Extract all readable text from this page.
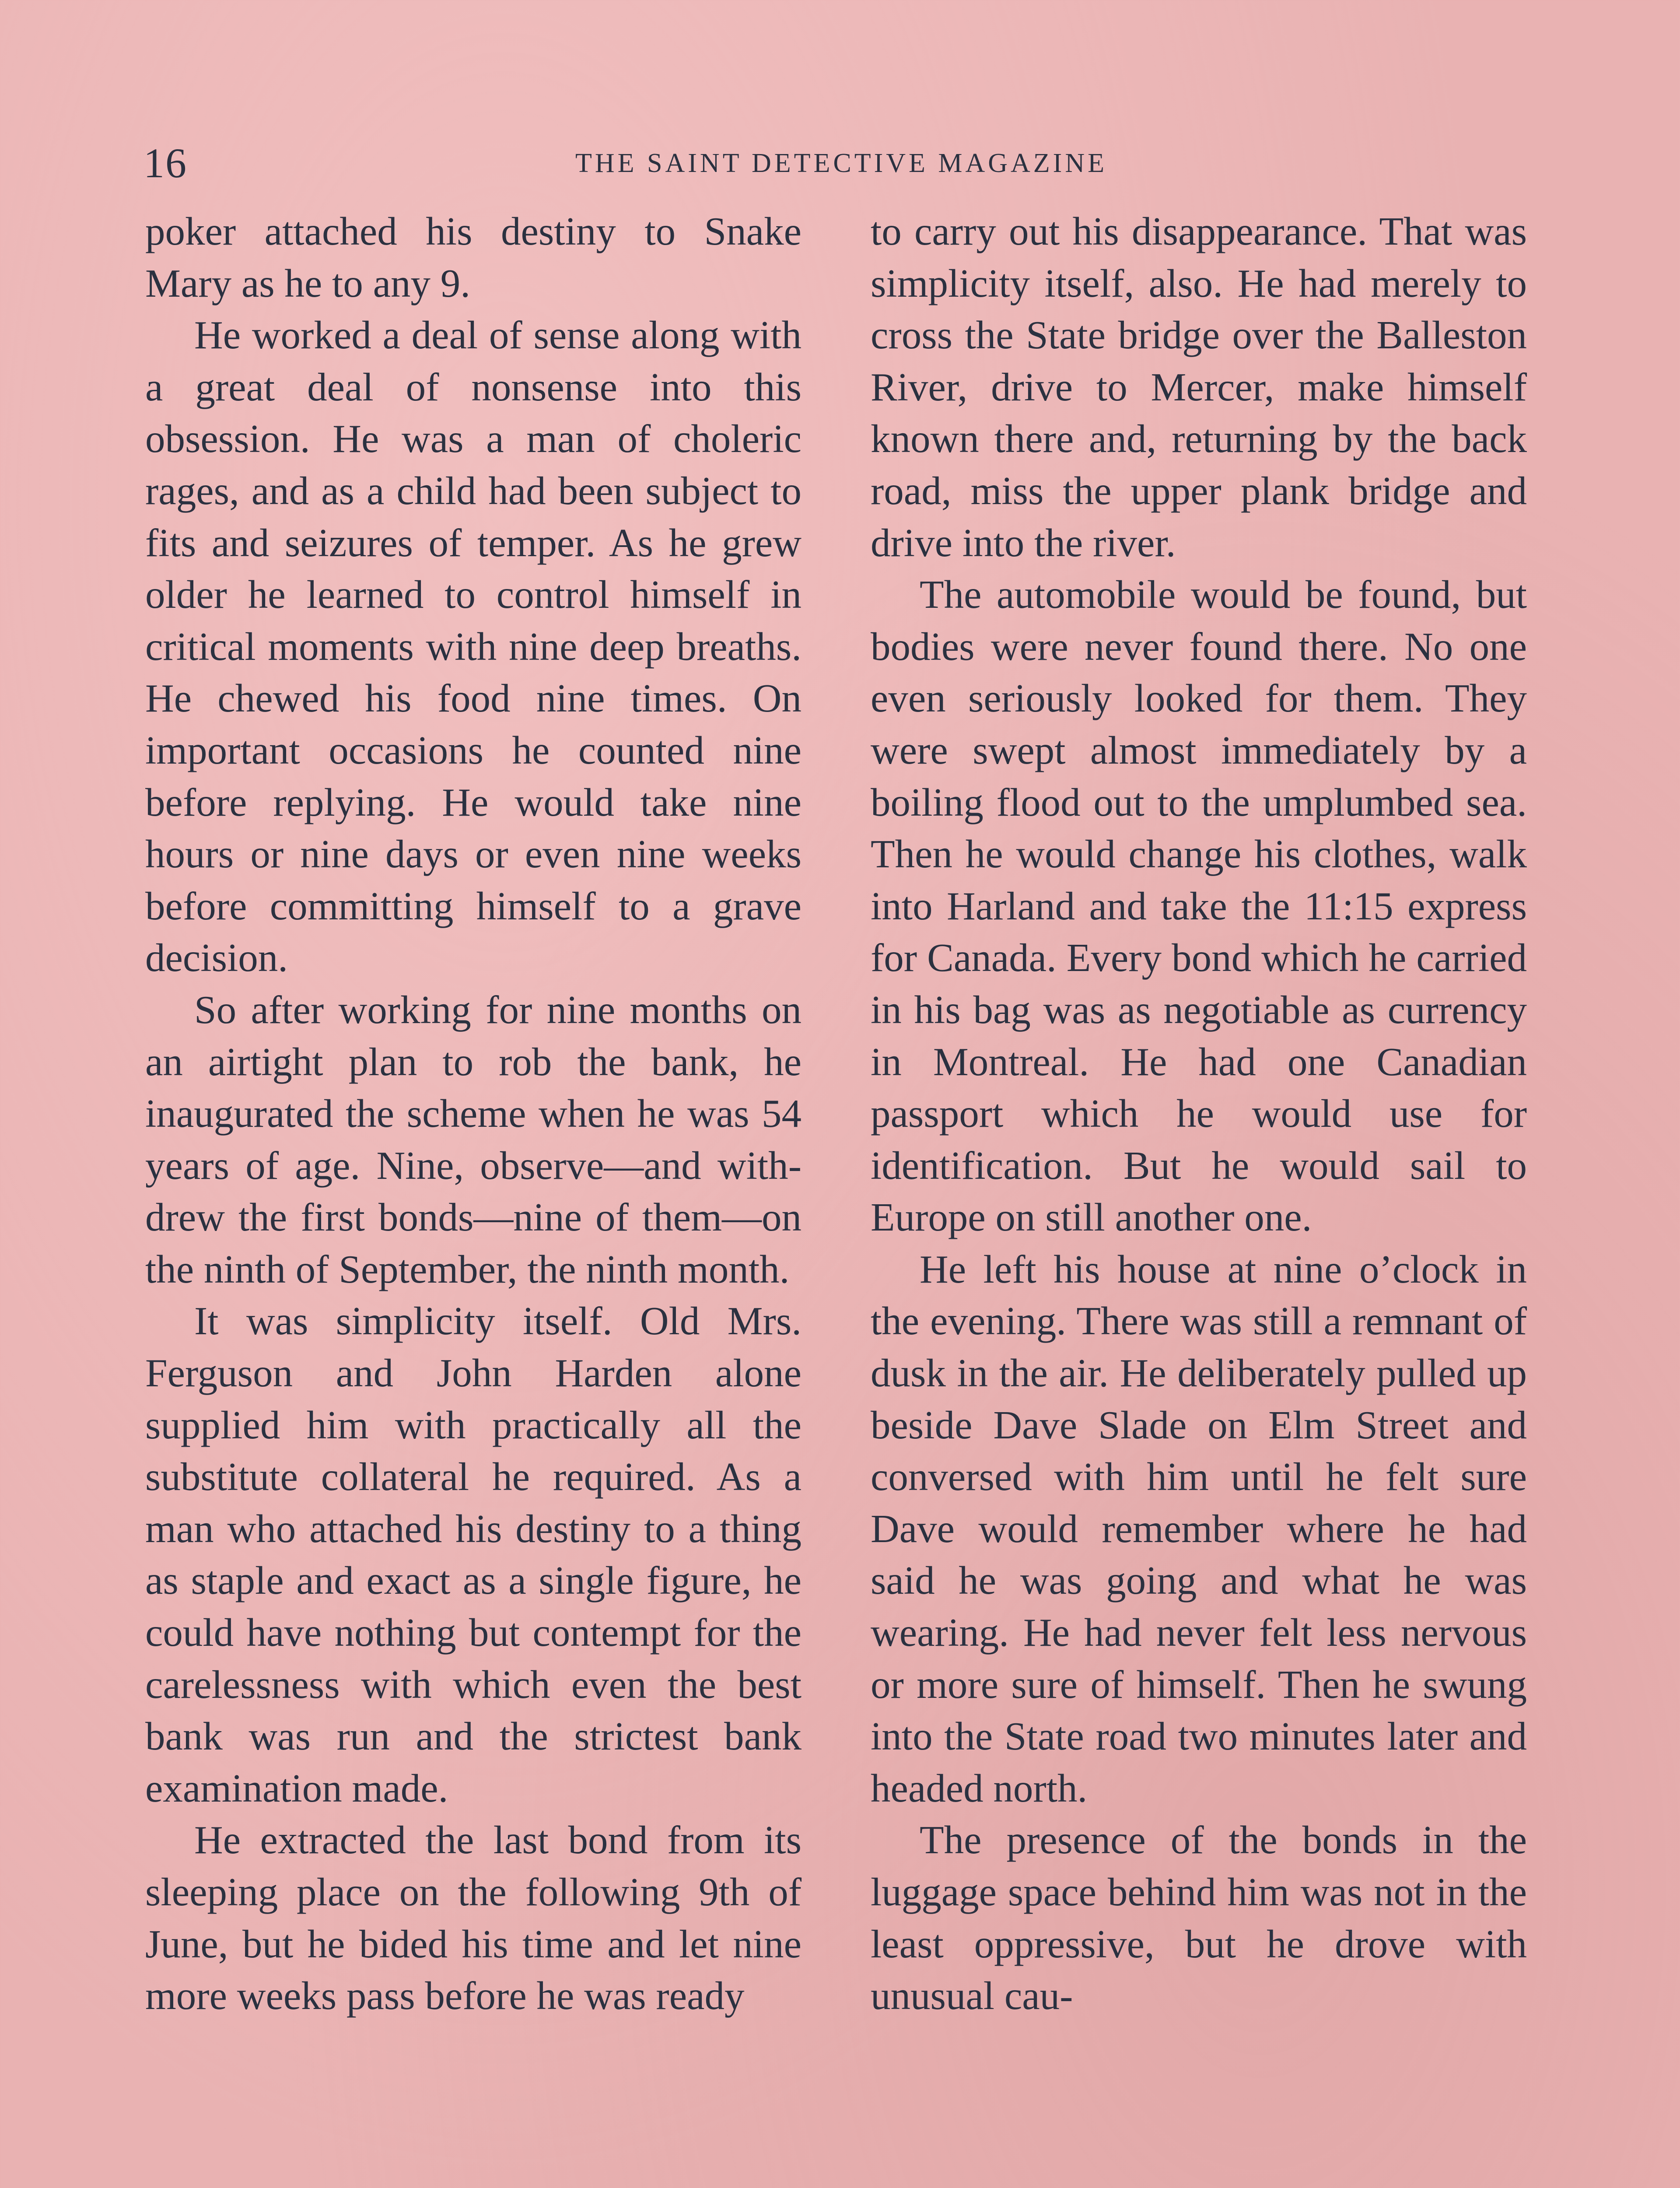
16	THE SAINT DETECTIVE MAGAZINE

poker attached his destiny to Snake Mary as he to any 9.

He worked a deal of sense along with a great deal of nonsense into this obsession. He was a man of choleric rages, and as a child had been subject to fits and seizures of temper. As he grew older he learned to control himself in critical moments with nine deep breaths. He chewed his food nine times. On important occasions he counted nine before replying. He would take nine hours or nine days or even nine weeks before committing himself to a grave decision.

So after working for nine months on an airtight plan to rob the bank, he inaugurated the scheme when he was 54 years of age. Nine, observe—and withdrew the first bonds—nine of them—on the ninth of September, the ninth month.

It was simplicity itself. Old Mrs. Ferguson and John Harden alone supplied him with practically all the substitute collateral he required. As a man who attached his destiny to a thing as staple and exact as a single figure, he could have nothing but contempt for the carelessness with which even the best bank was run and the strictest bank examination made.

He extracted the last bond from its sleeping place on the following 9th of June, but he bided his time and let nine more weeks pass before he was ready

to carry out his disappearance. That was simplicity itself, also. He had merely to cross the State bridge over the Balleston River, drive to Mercer, make himself known there and, returning by the back road, miss the upper plank bridge and drive into the river.

The automobile would be found, but bodies were never found there. No one even seriously looked for them. They were swept almost immediately by a boiling flood out to the umplumbed sea. Then he would change his clothes, walk into Harland and take the 11:15 express for Canada. Every bond which he carried in his bag was as negotiable as currency in Montreal. He had one Canadian passport which he would use for identification. But he would sail to Europe on still another one.

He left his house at nine o’clock in the evening. There was still a remnant of dusk in the air. He deliberately pulled up beside Dave Slade on Elm Street and conversed with him until he felt sure Dave would remember where he had said he was going and what he was wearing. He had never felt less nervous or more sure of himself. Then he swung into the State road two minutes later and headed north.

The presence of the bonds in the luggage space behind him was not in the least oppressive, but he drove with unusual cau-
